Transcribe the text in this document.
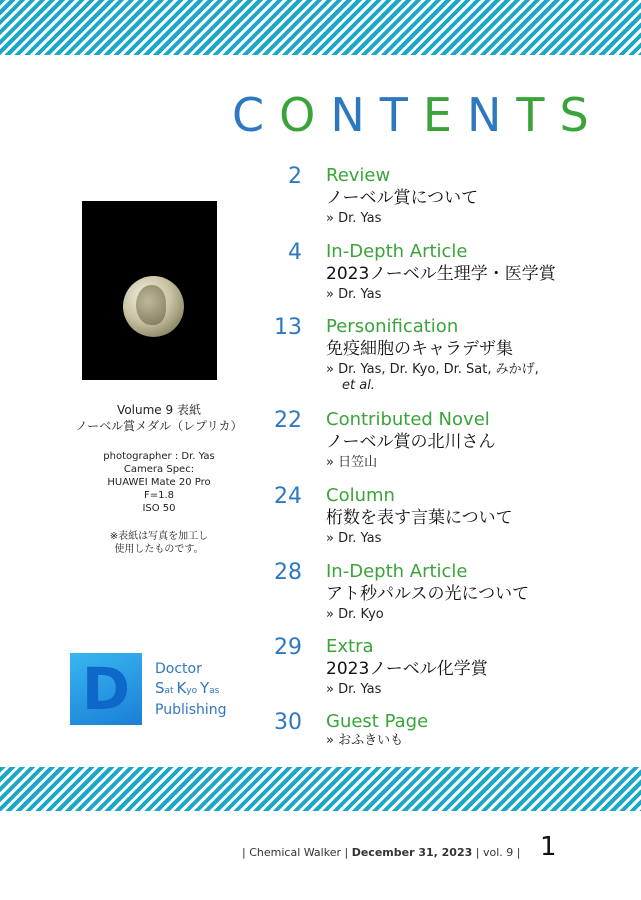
CONTENTS
Volume 9 表紙
ノーベル賞メダル（レプリカ）
photographer : Dr. Yas
Camera Spec:
HUAWEI Mate 20 Pro
F=1.8
ISO 50
※表紙は写真を加工し
使用したものです。
D Doctor
Sat Kyo Yas
Publishing
2 Review
ノーベル賞について
» Dr. Yas
4 In-Depth Article
2023ノーベル生理学・医学賞
» Dr. Yas
13 Personification
免疫細胞のキャラデザ集
» Dr. Yas, Dr. Kyo, Dr. Sat, みかげ,
et al.
22 Contributed Novel
ノーベル賞の北川さん
» 日笠山
24 Column
桁数を表す言葉について
» Dr. Yas
28 In-Depth Article
アト秒パルスの光について
» Dr. Kyo
29 Extra
2023ノーベル化学賞
» Dr. Yas
30 Guest Page
» おふきいも
| Chemical Walker | December 31, 2023 | vol. 9 | 1
